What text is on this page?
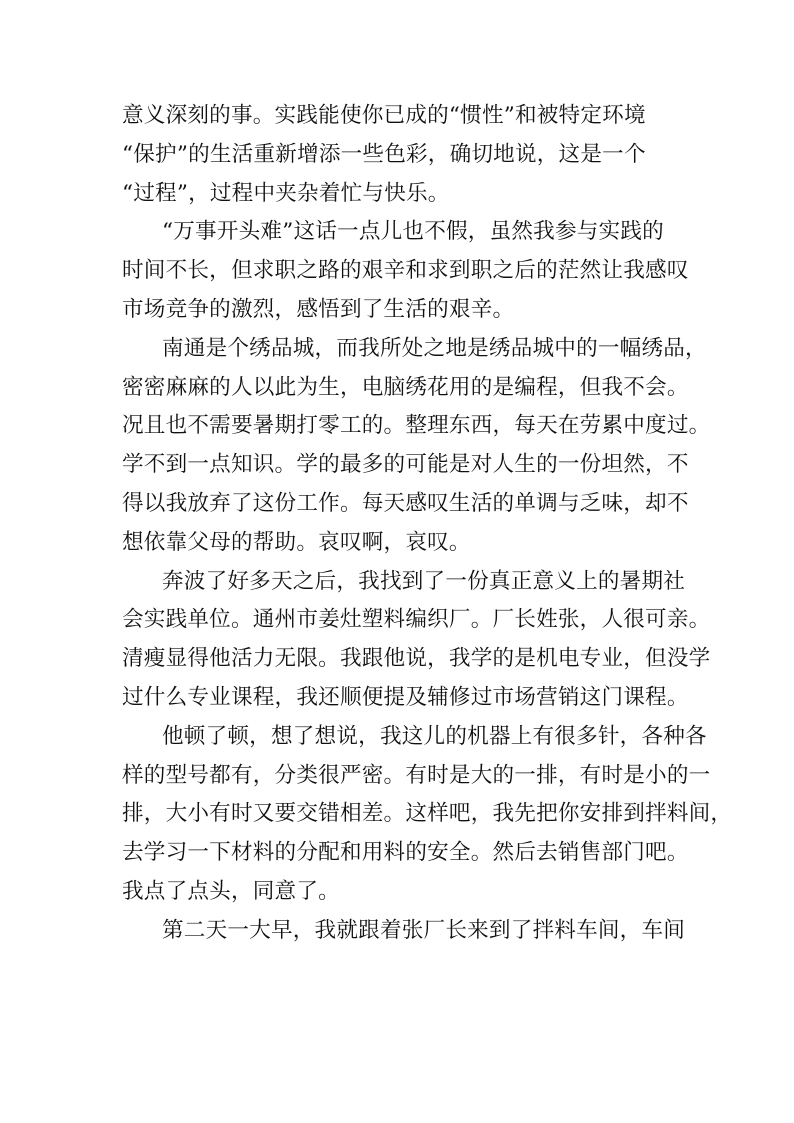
意义深刻的事。实践能使你已成的“惯性”和被特定环境
“保护”的生活重新增添一些色彩，确切地说，这是一个
“过程”，过程中夹杂着忙与快乐。
“万事开头难”这话一点儿也不假，虽然我参与实践的
时间不长，但求职之路的艰辛和求到职之后的茫然让我感叹
市场竞争的激烈，感悟到了生活的艰辛。
南通是个绣品城，而我所处之地是绣品城中的一幅绣品，
密密麻麻的人以此为生，电脑绣花用的是编程，但我不会。
况且也不需要暑期打零工的。整理东西，每天在劳累中度过。
学不到一点知识。学的最多的可能是对人生的一份坦然，不
得以我放弃了这份工作。每天感叹生活的单调与乏味，却不
想依靠父母的帮助。哀叹啊，哀叹。
奔波了好多天之后，我找到了一份真正意义上的暑期社
会实践单位。通州市姜灶塑料编织厂。厂长姓张，人很可亲。
清瘦显得他活力无限。我跟他说，我学的是机电专业，但没学
过什么专业课程，我还顺便提及辅修过市场营销这门课程。
他顿了顿，想了想说，我这儿的机器上有很多针，各种各
样的型号都有，分类很严密。有时是大的一排，有时是小的一
排，大小有时又要交错相差。这样吧，我先把你安排到拌料间，
去学习一下材料的分配和用料的安全。然后去销售部门吧。
我点了点头，同意了。
第二天一大早，我就跟着张厂长来到了拌料车间，车间
